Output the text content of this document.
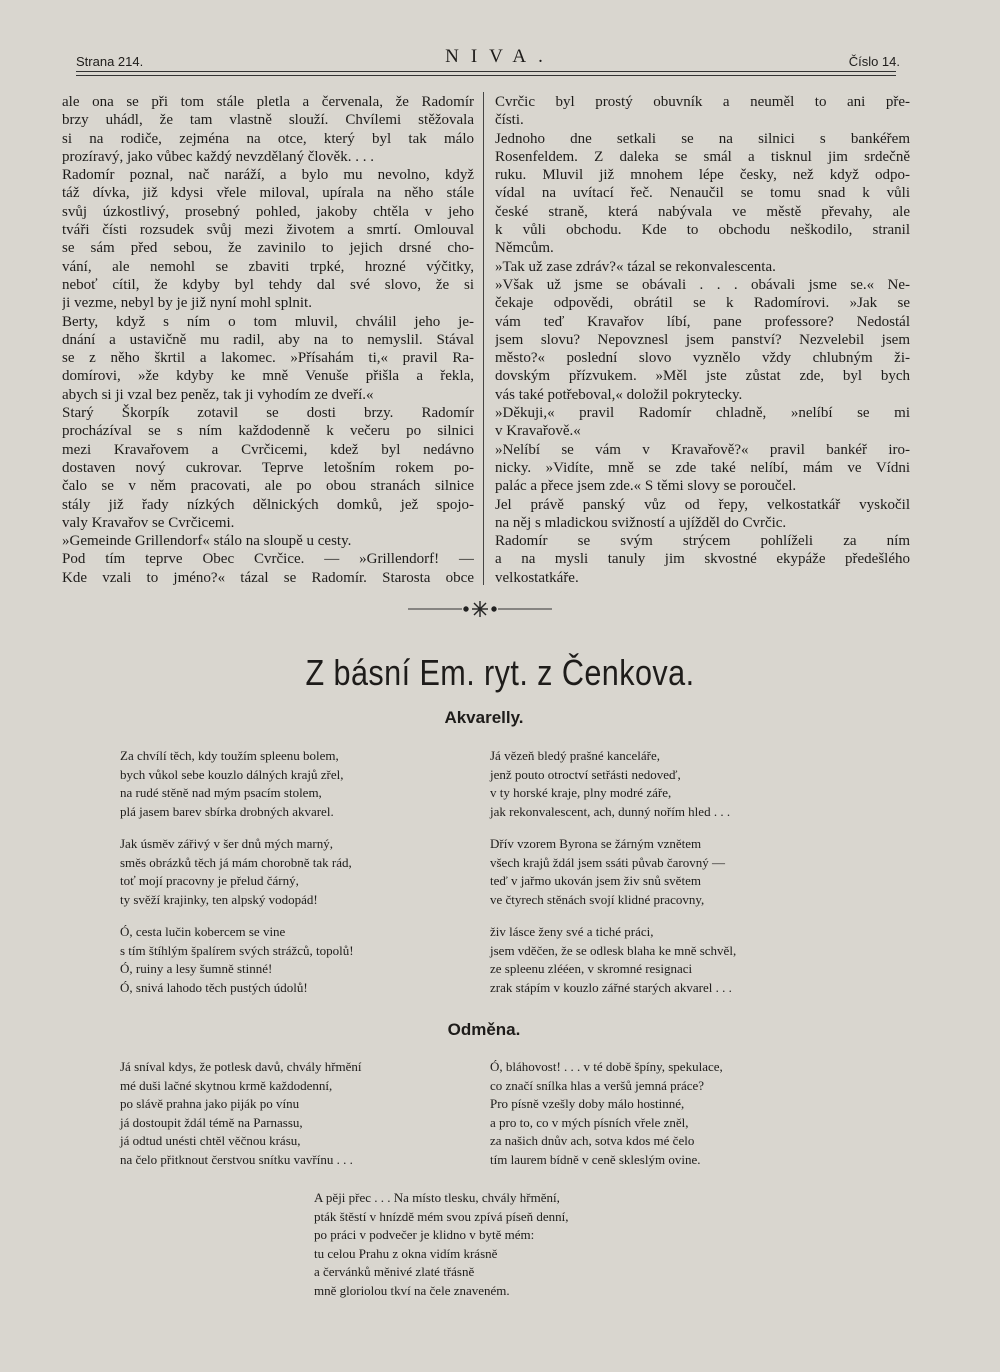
Strana 214.	NIVA.	Číslo 14.
ale ona se při tom stále pletla a červenala, že Radomír
brzy uhádl, že tam vlastně slouží. Chvílemi stěžovala
si na rodiče, zejména na otce, který byl tak málo
prozíravý, jako vůbec každý nevzdělaný člověk. . . .
Radomír poznal, nač naráží, a bylo mu nevolno, když
táž dívka, již kdysi vřele miloval, upírala na něho stále
svůj úzkostlivý, prosebný pohled, jakoby chtěla v jeho
tváři čísti rozsudek svůj mezi životem a smrtí. Omlouval
se sám před sebou, že zavinilo to jejich drsné cho-
vání, ale nemohl se zbaviti trpké, hrozné výčitky,
neboť cítil, že kdyby byl tehdy dal své slovo, že si
ji vezme, nebyl by je již nyní mohl splnit.
Berty, když s ním o tom mluvil, chválil jeho je-
dnání a ustavičně mu radil, aby na to nemyslil. Stával
se z něho škrtil a lakomec. »Přísahám ti,« pravil Ra-
domírovi, »že kdyby ke mně Venuše přišla a řekla,
abych si ji vzal bez peněz, tak ji vyhodím ze dveří.«
Starý Škorpík zotavil se dosti brzy. Radomír
procházíval se s ním každodenně k večeru po silnici
mezi Kravařovem a Cvrčicemi, kdež byl nedávno
dostaven nový cukrovar. Teprve letošním rokem po-
čalo se v něm pracovati, ale po obou stranách silnice
stály již řady nízkých dělnických domků, jež spojo-
valy Kravařov se Cvrčicemi.
»Gemeinde Grillendorf« stálo na sloupě u cesty.
Pod tím teprve Obec Cvrčice. — »Grillendorf! —
Kde vzali to jméno?« tázal se Radomír. Starosta obce
Cvrčic byl prostý obuvník a neuměl to ani pře-
čísti.
Jednoho dne setkali se na silnici s bankéřem
Rosenfeldem. Z daleka se smál a tisknul jim srdečně
ruku. Mluvil již mnohem lépe česky, než když odpo-
vídal na uvítací řeč. Nenaučil se tomu snad k vůli
české straně, která nabývala ve městě převahy, ale
k vůli obchodu. Kde to obchodu neškodilo, stranil
Němcům.
»Tak už zase zdráv?« tázal se rekonvalescenta.
»Však už jsme se obávali . . . obávali jsme se.« Ne-
čekaje odpovědi, obrátil se k Radomírovi. »Jak se
vám teď Kravařov líbí, pane professore? Nedostál
jsem slovu? Nepovznesl jsem panství? Nezvelebil jsem
město?« poslední slovo vyznělo vždy chlubným ži-
dovským přízvukem. »Měl jste zůstat zde, byl bych
vás také potřeboval,« doložil pokrytecky.
»Děkuji,« pravil Radomír chladně, »nelíbí se mi
v Kravařově.«
»Nelíbí se vám v Kravařově?« pravil bankéř iro-
nicky. »Vidíte, mně se zde také nelíbí, mám ve Vídni
palác a přece jsem zde.« S těmi slovy se poroučel.
Jel právě panský vůz od řepy, velkostatkář vyskočil
na něj s mladickou svižností a ujížděl do Cvrčic.
Radomír se svým strýcem pohlíželi za ním
a na mysli tanuly jim skvostné ekypáže předešlého
velkostatkáře.
Z básní Em. ryt. z Čenkova.
Akvarelly.
Za chvílí těch, kdy toužím spleenu bolem,
bych vůkol sebe kouzlo dálných krajů zřel,
na rudé stěně nad mým psacím stolem,
plá jasem barev sbírka drobných akvarel.
Jak úsměv zářivý v šer dnů mých marný,
směs obrázků těch já mám chorobně tak rád,
toť mojí pracovny je přelud čárný,
ty svěží krajinky, ten alpský vodopád!
Ó, cesta lučin kobercem se vine
s tím štíhlým špalírem svých strážců, topolů!
Ó, ruiny a lesy šumně stinné!
Ó, snivá lahodo těch pustých údolů!
Já vězeň bledý prašné kanceláře,
jenž pouto otroctví setřásti nedoveď,
v ty horské kraje, plny modré záře,
jak rekonvalescent, ach, dunný nořím hled . . .
Dřív vzorem Byrona se žárným vznětem
všech krajů ždál jsem ssáti půvab čarovný —
teď v jařmo ukován jsem živ snů světem
ve čtyrech stěnách svojí klidné pracovny,
živ lásce ženy své a tiché práci,
jsem vděčen, že se odlesk blaha ke mně schvěl,
ze spleenu zlééen, v skromné resignaci
zrak stápím v kouzlo zářné starých akvarel . . .
Odměna.
Já sníval kdys, že potlesk davů, chvály hřmění
mé duši lačné skytnou krmě každodenní,
po slávě prahna jako piják po vínu
já dostoupit ždál témě na Parnassu,
já odtud unésti chtěl věčnou krásu,
na čelo přitknout čerstvou snítku vavřínu . . .
Ó, bláhovost! . . . v té době špíny, spekulace,
co značí snílka hlas a veršů jemná práce?
Pro písně vzešly doby málo hostinné,
a pro to, co v mých písních vřele zněl,
za našich dnův ach, sotva kdos mé čelo
tím laurem bídně v ceně skleslým ovine.
A pěji přec . . . Na místo tlesku, chvály hřmění,
pták štěstí v hnízdě mém svou zpívá píseň denní,
po práci v podvečer je klidno v bytě mém:
tu celou Prahu z okna vidím krásně
a červánků měnivé zlaté třásně
mně gloriolou tkví na čele znaveném.
